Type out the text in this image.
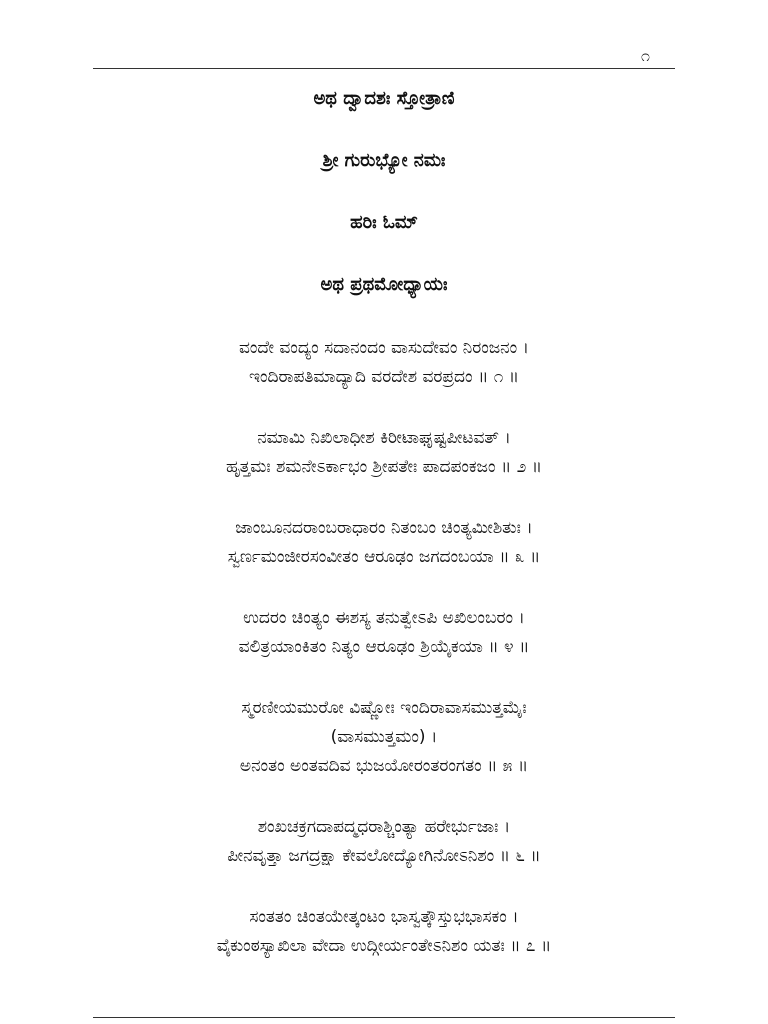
೧
ಅಥ ದ್ವಾದಶಃ ಸ್ತೋತ್ರಾಣಿ
ಶ್ರೀ ಗುರುಭ್ಯೋ ನಮಃ
ಹರಿಃ ಓಮ್
ಅಥ ಪ್ರಥಮೋಧ್ಯಾಯಃ
ವಂದೇ ವಂದ್ಯಂ ಸದಾನಂದಂ ವಾಸುದೇವಂ ನಿರಂಜನಂ ।
ಇಂದಿರಾಪತಿಮಾದ್ಯಾದಿ ವರದೇಶ ವರಪ್ರದಂ ॥ ೧ ॥
ನಮಾಮಿ ನಿಖಿಲಾಧೀಶ ಕಿರೀಟಾಘೃಷ್ಟಪೀಟವತ್ ।
ಹೃತ್ತಮಃ ಶಮನೇಽರ್ಕಾಭಂ ಶ್ರೀಪತೇಃ ಪಾದಪಂಕಜಂ ॥ ೨ ॥
ಜಾಂಬೂನದರಾಂಬರಾಧಾರಂ ನಿತಂಬಂ ಚಿಂತ್ಯಮೀಶಿತುಃ ।
ಸ್ವರ್ಣಮಂಜೀರಸಂವೀತಂ ಆರೂಢಂ ಜಗದಂಬಯಾ ॥ ೩ ॥
ಉದರಂ ಚಿಂತ್ಯಂ ಈಶಸ್ಯ ತನುತ್ವೇಽಪಿ ಅಖಿಲಂಬರಂ ।
ವಲಿತ್ರಯಾಂಕಿತಂ ನಿತ್ಯಂ ಆರೂಢಂ ಶ್ರಿಯೈಕಯಾ ॥ ೪ ॥
ಸ್ಮರಣೀಯಮುರೋ ವಿಷ್ಣೋಃ ಇಂದಿರಾವಾಸಮುತ್ತಮೈಃ
(ವಾಸಮುತ್ತಮಂ) ।
ಅನಂತಂ ಅಂತವದಿವ ಭುಜಯೋರಂತರಂಗತಂ ॥ ೫ ॥
ಶಂಖಚಕ್ರಗದಾಪದ್ಮಧರಾಶ್ಚಿಂತ್ಯಾ ಹರೇರ್ಭುಜಾಃ ।
ಪೀನವೃತ್ತಾ ಜಗದ್ರಕ್ಷಾ ಕೇವಲೋದ್ಯೋಗಿನೋಽನಿಶಂ ॥ ೬ ॥
ಸಂತತಂ ಚಿಂತಯೇತ್ಕಂಟಂ ಭಾಸ್ವತ್ಕೌಸ್ತುಭಭಾಸಕಂ ।
ವೈಕುಂಠಸ್ಯಾಖಿಲಾ ವೇದಾ ಉದ್ಗೀರ್ಯಂತೇಽನಿಶಂ ಯತಃ ॥ ೭ ॥
